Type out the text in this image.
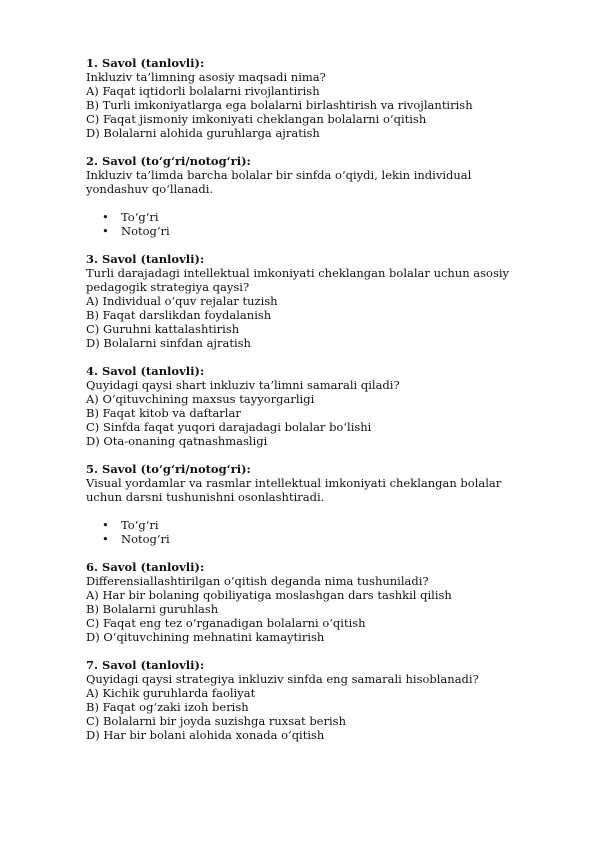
1. Savol (tanlovli):
Inkluziv ta’limning asosiy maqsadi nima?
A) Faqat iqtidorli bolalarni rivojlantirish
B) Turli imkoniyatlarga ega bolalarni birlashtirish va rivojlantirish
C) Faqat jismoniy imkoniyati cheklangan bolalarni o‘qitish
D) Bolalarni alohida guruhlarga ajratish
2. Savol (to‘g‘ri/notog‘ri):
Inkluziv ta’limda barcha bolalar bir sinfda o‘qiydi, lekin individual
yondashuv qo‘llanadi.
• To‘g‘ri
• Notog‘ri
3. Savol (tanlovli):
Turli darajadagi intellektual imkoniyati cheklangan bolalar uchun asosiy
pedagogik strategiya qaysi?
A) Individual o‘quv rejalar tuzish
B) Faqat darslikdan foydalanish
C) Guruhni kattalashtirish
D) Bolalarni sinfdan ajratish
4. Savol (tanlovli):
Quyidagi qaysi shart inkluziv ta’limni samarali qiladi?
A) O‘qituvchining maxsus tayyorgarligi
B) Faqat kitob va daftarlar
C) Sinfda faqat yuqori darajadagi bolalar bo‘lishi
D) Ota-onaning qatnashmasligi
5. Savol (to‘g‘ri/notog‘ri):
Visual yordamlar va rasmlar intellektual imkoniyati cheklangan bolalar
uchun darsni tushunishni osonlashtiradi.
• To‘g‘ri
• Notog‘ri
6. Savol (tanlovli):
Differensiallashtirilgan o‘qitish deganda nima tushuniladi?
A) Har bir bolaning qobiliyatiga moslashgan dars tashkil qilish
B) Bolalarni guruhlash
C) Faqat eng tez o‘rganadigan bolalarni o‘qitish
D) O‘qituvchining mehnatini kamaytirish
7. Savol (tanlovli):
Quyidagi qaysi strategiya inkluziv sinfda eng samarali hisoblanadi?
A) Kichik guruhlarda faoliyat
B) Faqat og‘zaki izoh berish
C) Bolalarni bir joyda suzishga ruxsat berish
D) Har bir bolani alohida xonada o‘qitish
